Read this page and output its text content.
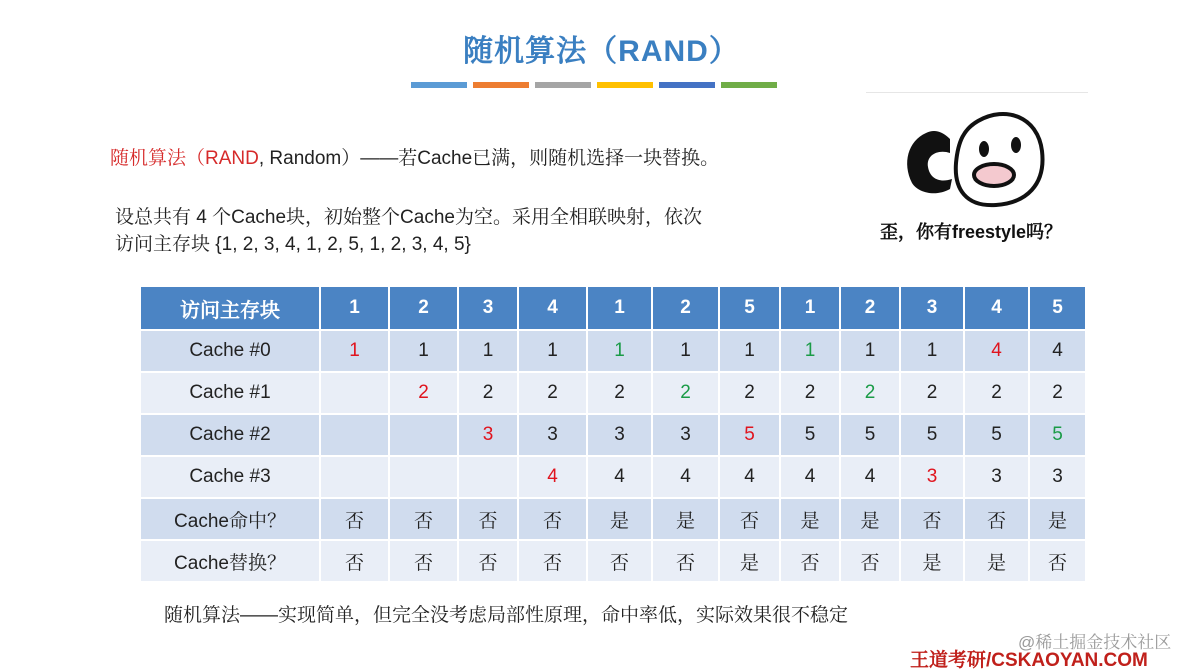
随机算法（RAND）
随机算法（RAND, Random）——若Cache已满，则随机选择一块替换。
设总共有 4 个Cache块，初始整个Cache为空。采用全相联映射，依次
访问主存块 {1, 2, 3, 4, 1, 2, 5, 1, 2, 3, 4, 5}
歪，你有freestyle吗？
访问主存块	1	2	3	4	1	2	5	1	2	3	4	5
Cache #0	1	1	1	1	1	1	1	1	1	1	4	4
Cache #1		2	2	2	2	2	2	2	2	2	2	2
Cache #2			3	3	3	3	5	5	5	5	5	5
Cache #3				4	4	4	4	4	4	3	3	3
Cache命中？	否	否	否	否	是	是	否	是	是	否	否	是
Cache替换？	否	否	否	否	否	否	是	否	否	是	是	否
随机算法——实现简单，但完全没考虑局部性原理，命中率低，实际效果很不稳定
@稀土掘金技术社区
王道考研/CSKAOYAN.COM
